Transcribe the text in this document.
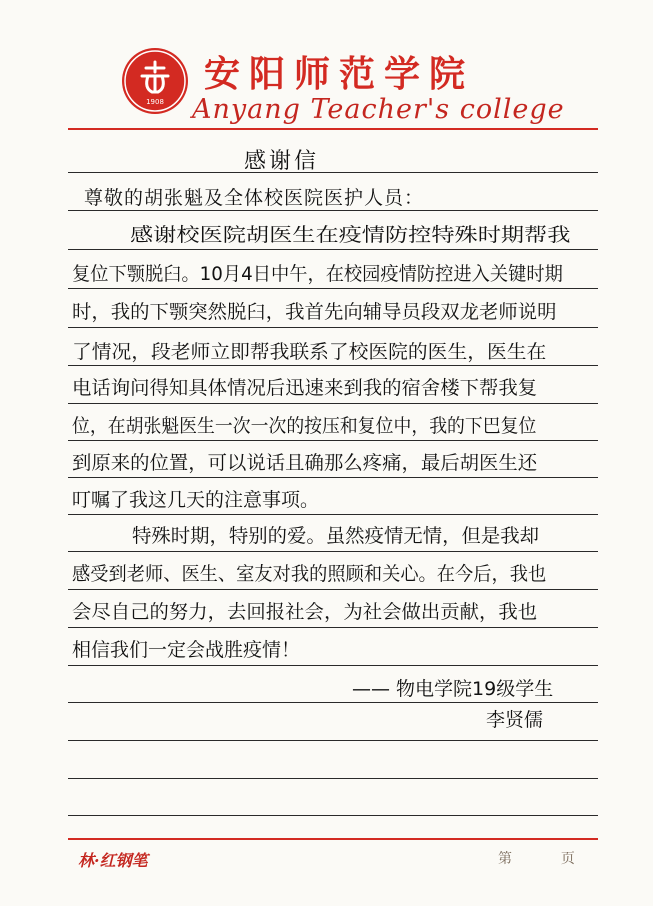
1908
安阳师范学院
Anyang Teacher's college
感谢信
尊敬的胡张魁及全体校医院医护人员：
感谢校医院胡医生在疫情防控特殊时期帮我
复位下颚脱臼。10月4日中午，在校园疫情防控进入关键时期
时，我的下颚突然脱臼，我首先向辅导员段双龙老师说明
了情况，段老师立即帮我联系了校医院的医生，医生在
电话询问得知具体情况后迅速来到我的宿舍楼下帮我复
位，在胡张魁医生一次一次的按压和复位中，我的下巴复位
到原来的位置，可以说话且确那么疼痛，最后胡医生还
叮嘱了我这几天的注意事项。
特殊时期，特别的爱。虽然疫情无情，但是我却
感受到老师、医生、室友对我的照顾和关心。在今后，我也
会尽自己的努力，去回报社会，为社会做出贡献，我也
相信我们一定会战胜疫情！
—— 物电学院19级学生
李贤儒
林·红钢笔	第	页
